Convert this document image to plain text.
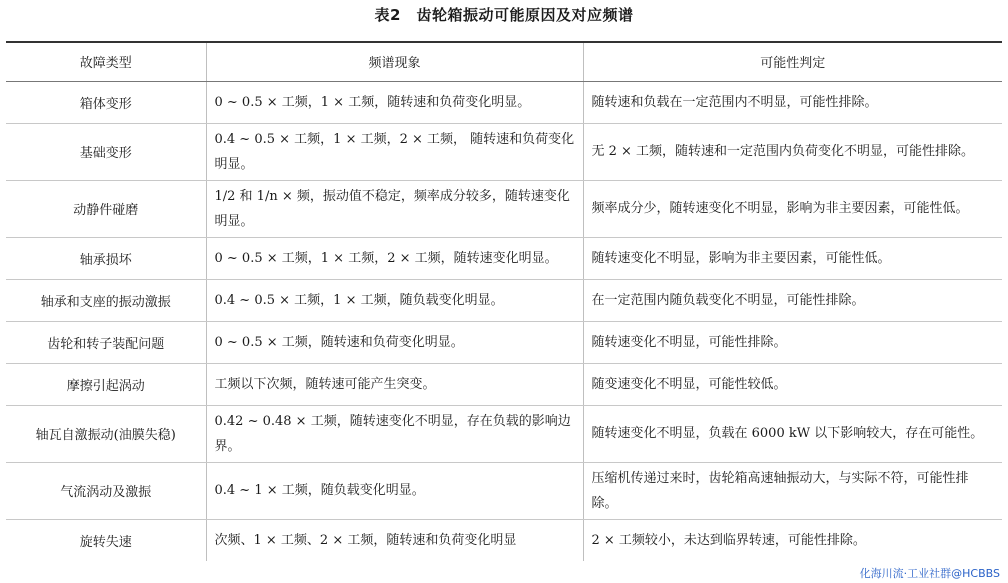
表2　齿轮箱振动可能原因及对应频谱
故障类型	频谱现象	可能性判定
箱体变形	0 ~ 0.5 × 工频，1 × 工频，随转速和负荷变化明显。	随转速和负载在一定范围内不明显，可能性排除。
基础变形	0.4 ~ 0.5 × 工频，1 × 工频，2 × 工频， 随转速和负荷变化明显。	无 2 × 工频，随转速和一定范围内负荷变化不明显，可能性排除。
动静件碰磨	1/2 和 1/n × 频，振动值不稳定，频率成分较多，随转速变化明显。	频率成分少，随转速变化不明显，影响为非主要因素，可能性低。
轴承损坏	0 ~ 0.5 × 工频，1 × 工频，2 × 工频，随转速变化明显。	随转速变化不明显，影响为非主要因素，可能性低。
轴承和支座的振动激振	0.4 ~ 0.5 × 工频，1 × 工频，随负载变化明显。	在一定范围内随负载变化不明显，可能性排除。
齿轮和转子装配问题	0 ~ 0.5 × 工频，随转速和负荷变化明显。	随转速变化不明显，可能性排除。
摩擦引起涡动	工频以下次频，随转速可能产生突变。	随变速变化不明显，可能性较低。
轴瓦自激振动(油膜失稳)	0.42 ~ 0.48 × 工频，随转速变化不明显，存在负载的影响边界。	随转速变化不明显，负载在 6000 kW 以下影响较大，存在可能性。
气流涡动及激振	0.4 ~ 1 × 工频，随负载变化明显。	压缩机传递过来时，齿轮箱高速轴振动大，与实际不符，可能性排除。
旋转失速	次频、1 × 工频、2 × 工频，随转速和负荷变化明显	2 × 工频较小，未达到临界转速，可能性排除。
化海川流·工业社群@HCBBS
